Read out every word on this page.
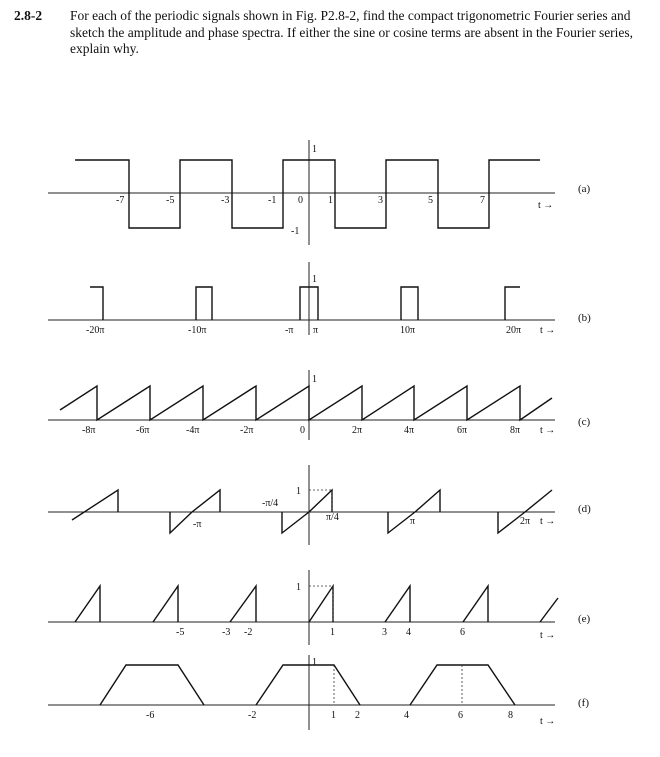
2.8-2 For each of the periodic signals shown in Fig. P2.8-2, find the compact trigonometric Fourier series and sketch the amplitude and phase spectra. If either the sine or cosine terms are absent in the Fourier series, explain why.
-7	-5	-3	-1 0	1	3	5	7
1
-1
t →
(a)
-20π	-10π	-π π	10π	20π
1
t →
(b)
-8π	-6π	-4π	-2π	0	2π	4π	6π	8π
1
t →
(c)
-π
-π/4
π/4	π	2π
1
t →
(d)
-5	-3 -2	1	3 4	6
1
t →
(e)
-6	-2	1 2	4	6	8
1
t →
(f)
